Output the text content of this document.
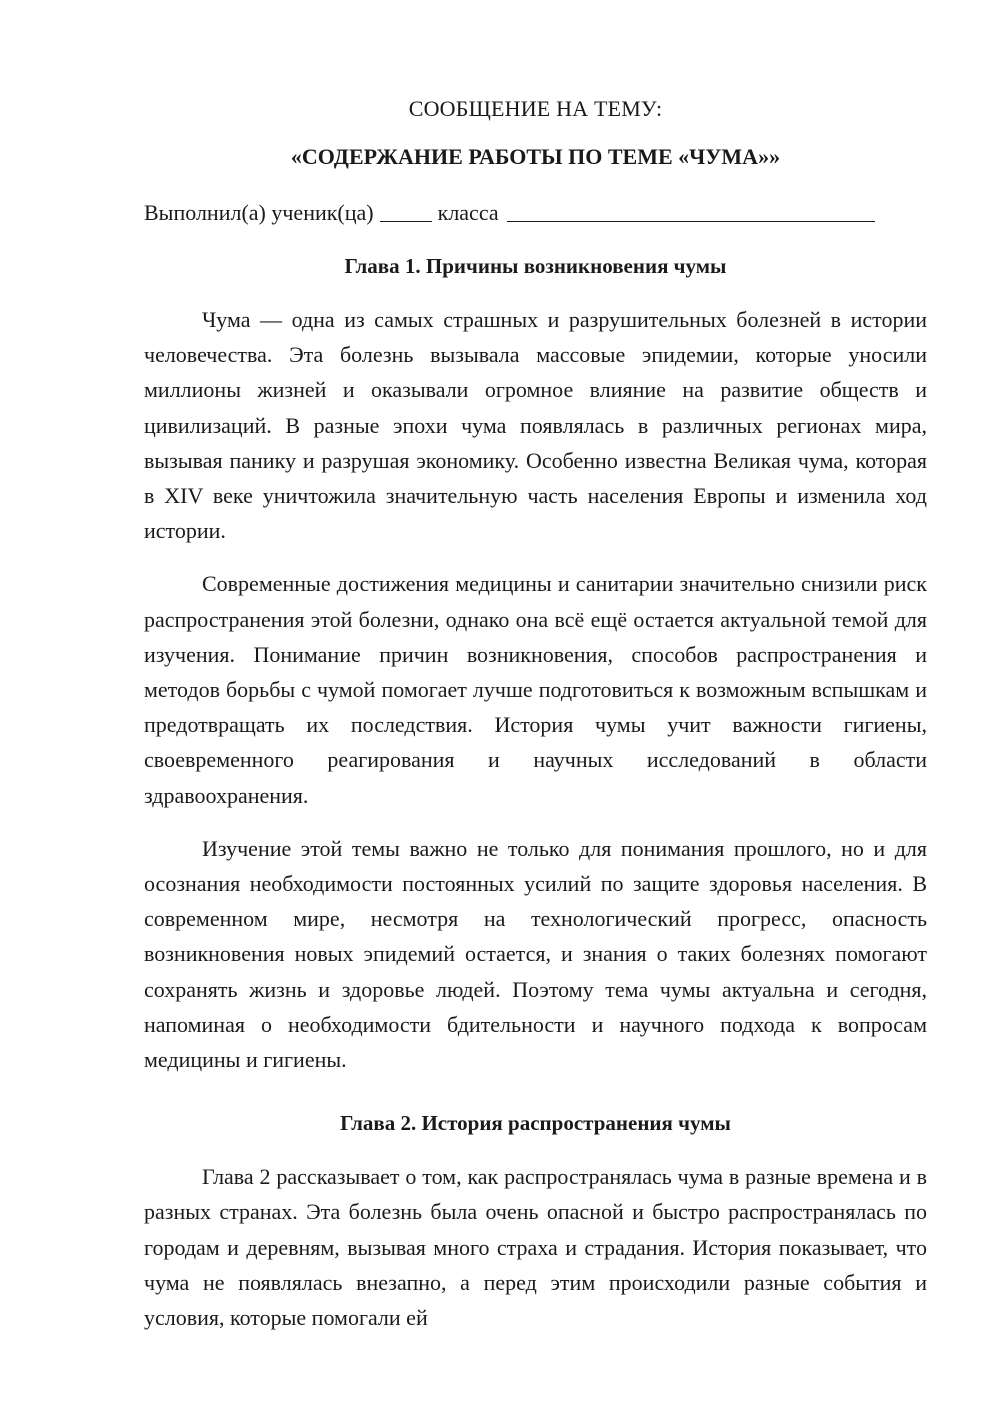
СООБЩЕНИЕ НА ТЕМУ:

«СОДЕРЖАНИЕ РАБОТЫ ПО ТЕМЕ «ЧУМА»»

Выполнил(а) ученик(ца)	класса
Глава 1. Причины возникновения чумы

Чума — одна из самых страшных и разрушительных болезней в истории человечества. Эта болезнь вызывала массовые эпидемии, которые уносили миллионы жизней и оказывали огромное влияние на развитие обществ и цивилизаций. В разные эпохи чума появлялась в различных регионах мира, вызывая панику и разрушая экономику. Особенно известна Великая чума, которая в XIV веке уничтожила значительную часть населения Европы и изменила ход истории.

Современные достижения медицины и санитарии значительно снизили риск распространения этой болезни, однако она всё ещё остается актуальной темой для изучения. Понимание причин возникновения, способов распространения и методов борьбы с чумой помогает лучше подготовиться к возможным вспышкам и предотвращать их последствия. История чумы учит важности гигиены, своевременного реагирования и научных исследований в области здравоохранения.

Изучение этой темы важно не только для понимания прошлого, но и для осознания необходимости постоянных усилий по защите здоровья населения. В современном мире, несмотря на технологический прогресс, опасность возникновения новых эпидемий остается, и знания о таких болезнях помогают сохранять жизнь и здоровье людей. Поэтому тема чумы актуальна и сегодня, напоминая о необходимости бдительности и научного подхода к вопросам медицины и гигиены.

Глава 2. История распространения чумы

Глава 2 рассказывает о том, как распространялась чума в разные времена и в разных странах. Эта болезнь была очень опасной и быстро распространялась по городам и деревням, вызывая много страха и страдания. История показывает, что чума не появлялась внезапно, а перед этим происходили разные события и условия, которые помогали ей
